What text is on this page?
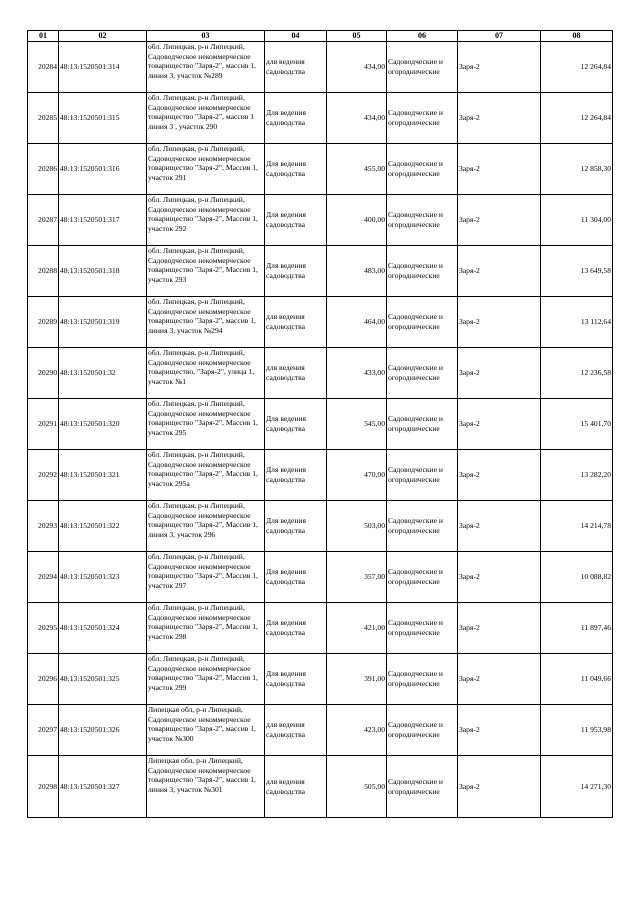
01	02	03	04	05	06	07	08
20284	48:13:1520501:314	обл. Липецкая, р-н Липецкий, Садоводческое некоммерческое товарищество "Заря-2", массив 1, линия 3, участок №289	для ведения садоводства	434,00	Садоводческие и огороднические	Заря-2	12 264,84
20285	48:13:1520501:315	обл. Липецкая, р-н Липецкий, Садоводческое некоммерческое товарищество "Заря-2", массив 1 линия 3 , участок 290	Для ведения садоводства	434,00	Садоводческие и огороднические	Заря-2	12 264,84
20286	48:13:1520501:316	обл. Липецкая, р-н Липецкий, Садоводческое некоммерческое товарищество "Заря-2", Массив 1, участок 291	Для ведения садоводства	455,00	Садоводческие и огороднические	Заря-2	12 858,30
20287	48:13:1520501:317	обл. Липецкая, р-н Липецкий, Садоводческое некоммерческое товарищество "Заря-2", Массив 1, участок 292	Для ведения садоводства	400,00	Садоводческие и огороднические	Заря-2	11 304,00
20288	48:13:1520501:318	обл. Липецкая, р-н Липецкий, Садоводческое некоммерческое товарищество "Заря-2", Массив 1, участок 293	Для ведения садоводства	483,00	Садоводческие и огороднические	Заря-2	13 649,58
20289	48:13:1520501:319	обл. Липецкая, р-н Липецкий, Садоводческое некоммерческое товарищество "Заря-2", массив 1, линия 3, участок №294	для ведения садоводства	464,00	Садоводческие и огороднические	Заря-2	13 112,64
20290	48:13:1520501:32	обл. Липецкая, р-н Липецкий, Садоводческое некоммерческое товарищество, "Заря-2", улица 1, участок №1	для ведения садоводства	433,00	Садоводческие и огороднические	Заря-2	12 236,58
20291	48:13:1520501:320	обл. Липецкая, р-н Липецкий, Садоводческое некоммерческое товарищество "Заря-2", Массив 1, участок 295	Для ведения садоводства	545,00	Садоводческие и огороднические	Заря-2	15 401,70
20292	48:13:1520501:321	обл. Липецкая, р-н Липецкий, Садоводческое некоммерческое товарищество "Заря-2", Массив 1, участок 295а	Для ведения садоводства	470,00	Садоводческие и огороднические	Заря-2	13 282,20
20293	48:13:1520501:322	обл. Липецкая, р-н Липецкий, Садоводческое некоммерческое товарищество "Заря-2", Массив 1, линия 3, участок 296	Для ведения садоводства	503,00	Садоводческие и огороднические	Заря-2	14 214,78
20294	48:13:1520501:323	обл. Липецкая, р-н Липецкий, Садоводческое некоммерческое товарищество "Заря-2", Массив 1, участок 297	Для ведения садоводства	357,00	Садоводческие и огороднические	Заря-2	10 088,82
20295	48:13:1520501:324	обл. Липецкая, р-н Липецкий, Садоводческое некоммерческое товарищество "Заря-2", Массив 1, участок 298	Для ведения садоводства	421,00	Садоводческие и огороднические	Заря-2	11 897,46
20296	48:13:1520501:325	обл. Липецкая, р-н Липецкий, Садоводческое некоммерческое товарищество "Заря-2", Массив 1, участок 299	Для ведения садоводства	391,00	Садоводческие и огороднические	Заря-2	11 049,66
20297	48:13:1520501:326	Липецкая обл, р-н Липецкий, Садоводческое некоммерческое товарищество "Заря-2", массив 1, участок №300	для ведения садоводства	423,00	Садоводческие и огороднические	Заря-2	11 953,98
20298	48:13:1520501:327	Липецкая обл, р-н Липецкий, Садоводческое некоммерческое товарищество "Заря-2", массив 1, линия 3, участок №301	для ведения садоводства	505,00	Садоводческие и огороднические	Заря-2	14 271,30
